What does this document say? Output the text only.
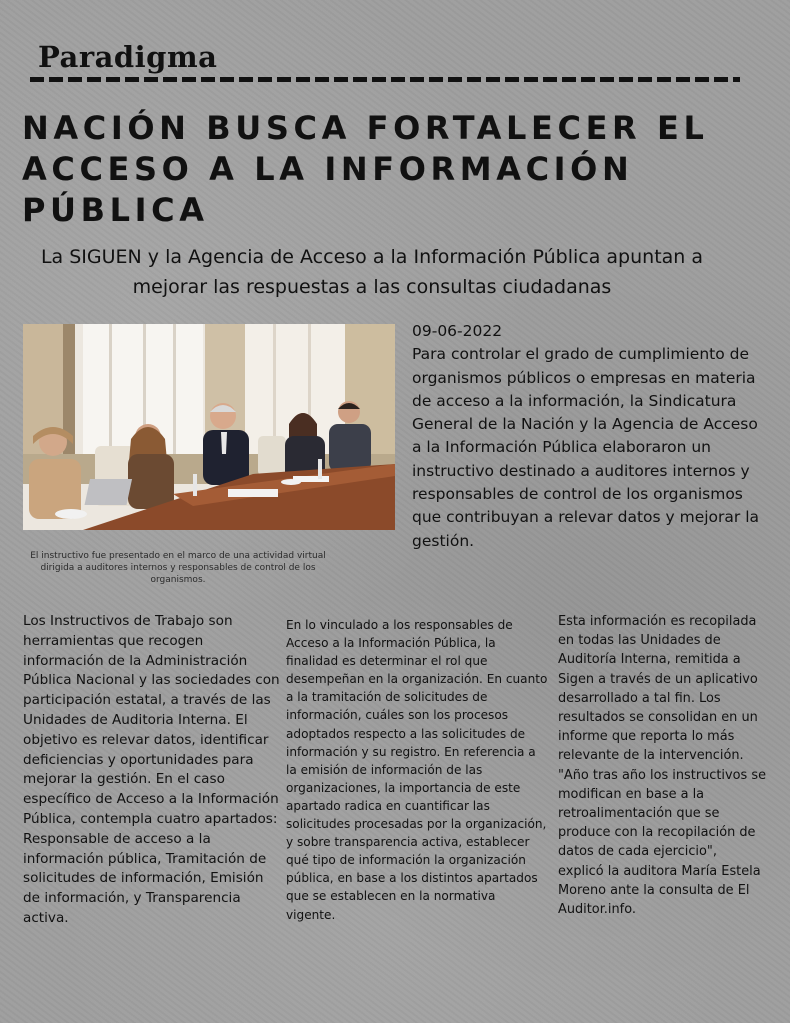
Paradigma
NACIÓN BUSCA FORTALECER EL ACCESO A LA INFORMACIÓN PÚBLICA
La SIGUEN y la Agencia de Acceso a la Información Pública apuntan a mejorar las respuestas a las consultas ciudadanas
El instructivo fue presentado en el marco de una actividad virtual dirigida a auditores internos y responsables de control de los organismos.
09-06-2022
Para controlar el grado de cumplimiento de organismos públicos o empresas en materia de acceso a la información, la Sindicatura General de la Nación y la Agencia de Acceso a la Información Pública elaboraron un instructivo destinado a auditores internos y responsables de control de los organismos que contribuyan a relevar datos y mejorar la gestión.
Los Instructivos de Trabajo son herramientas que recogen información de la Administración Pública Nacional y las sociedades con participación estatal, a través de las Unidades de Auditoria Interna. El objetivo es relevar datos, identificar deficiencias y oportunidades para mejorar la gestión. En el caso específico de Acceso a la Información Pública, contempla cuatro apartados: Responsable de acceso a la información pública, Tramitación de solicitudes de información, Emisión de información, y Transparencia activa.
En lo vinculado a los responsables de Acceso a la Información Pública, la finalidad es determinar el rol que desempeñan en la organización. En cuanto a la tramitación de solicitudes de información, cuáles son los procesos adoptados respecto a las solicitudes de información y su registro. En referencia a la emisión de información de las organizaciones, la importancia de este apartado radica en cuantificar las solicitudes procesadas por la organización, y sobre transparencia activa, establecer qué tipo de información la organización pública, en base a los distintos apartados que se establecen en la normativa vigente.
Esta información es recopilada en todas las Unidades de Auditoría Interna, remitida a Sigen a través de un aplicativo desarrollado a tal fin. Los resultados se consolidan en un informe que reporta lo más relevante de la intervención. "Año tras año los instructivos se modifican en base a la retroalimentación que se produce con la recopilación de datos de cada ejercicio", explicó la auditora María Estela Moreno ante la consulta de El Auditor.info.
